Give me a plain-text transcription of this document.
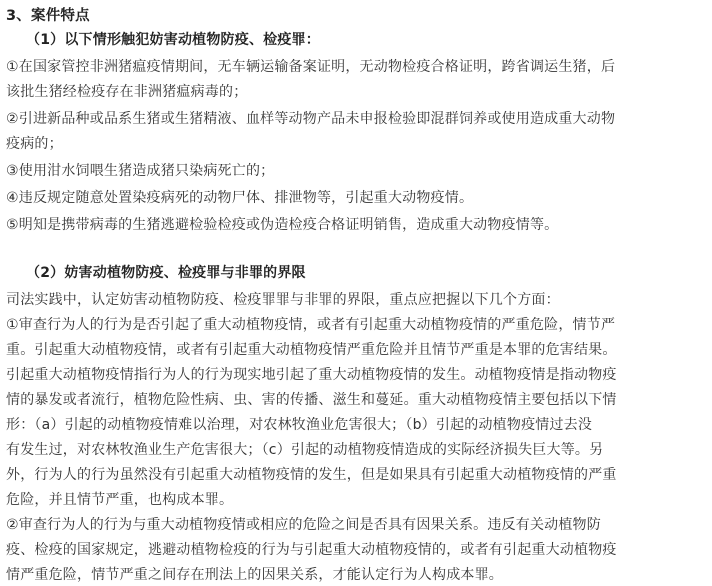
3、案件特点
（1）以下情形触犯妨害动植物防疫、检疫罪：
①在国家管控非洲猪瘟疫情期间，无车辆运输备案证明，无动物检疫合格证明，跨省调运生猪，后
该批生猪经检疫存在非洲猪瘟病毒的；
②引进新品种或品系生猪或生猪精液、血样等动物产品未申报检验即混群饲养或使用造成重大动物
疫病的；
③使用泔水饲喂生猪造成猪只染病死亡的；
④违反规定随意处置染疫病死的动物尸体、排泄物等，引起重大动物疫情。
⑤明知是携带病毒的生猪逃避检验检疫或伪造检疫合格证明销售，造成重大动物疫情等。
（2）妨害动植物防疫、检疫罪与非罪的界限
司法实践中，认定妨害动植物防疫、检疫罪罪与非罪的界限，重点应把握以下几个方面：
①审查行为人的行为是否引起了重大动植物疫情，或者有引起重大动植物疫情的严重危险，情节严
重。引起重大动植物疫情，或者有引起重大动植物疫情严重危险并且情节严重是本罪的危害结果。
引起重大动植物疫情指行为人的行为现实地引起了重大动植物疫情的发生。动植物疫情是指动物疫
情的暴发或者流行，植物危险性病、虫、害的传播、滋生和蔓延。重大动植物疫情主要包括以下情
形：（a）引起的动植物疫情难以治理，对农林牧渔业危害很大；（b）引起的动植物疫情过去没
有发生过，对农林牧渔业生产危害很大；（c）引起的动植物疫情造成的实际经济损失巨大等。另
外，行为人的行为虽然没有引起重大动植物疫情的发生，但是如果具有引起重大动植物疫情的严重
危险，并且情节严重，也构成本罪。
②审查行为人的行为与重大动植物疫情或相应的危险之间是否具有因果关系。违反有关动植物防
疫、检疫的国家规定，逃避动植物检疫的行为与引起重大动植物疫情的，或者有引起重大动植物疫
情严重危险，情节严重之间存在刑法上的因果关系，才能认定行为人构成本罪。
